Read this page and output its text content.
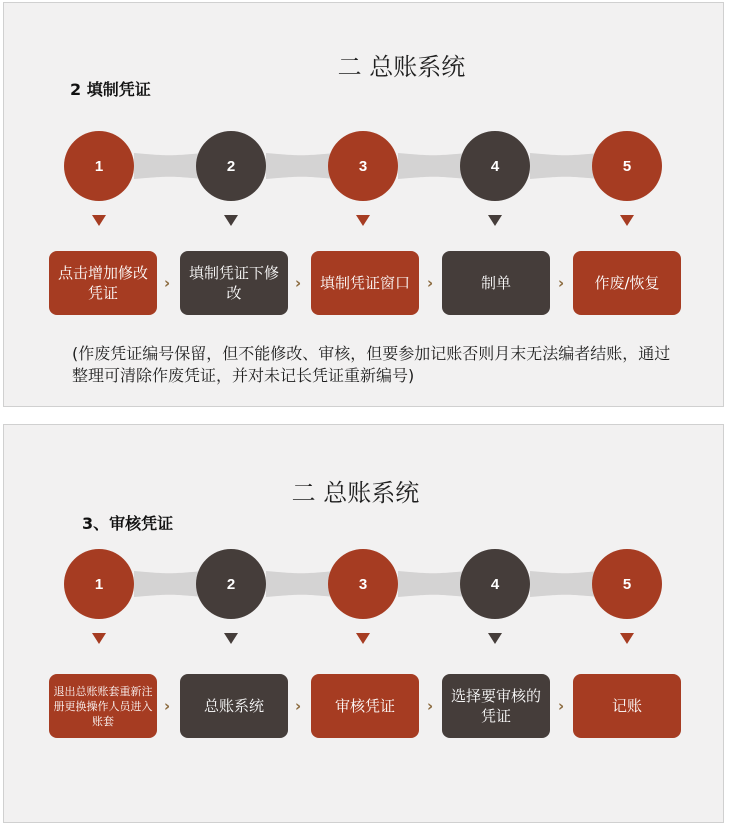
二 总账系统
2 填制凭证
1	2	3	4	5
点击增加修改凭证
›
填制凭证下修改
›	填制凭证窗口	›	制单	›	作废/恢复
(作废凭证编号保留，但不能修改、审核，但要参加记账否则月末无法编者结账，通过整理可清除作废凭证，并对未记长凭证重新编号)
二 总账系统
3、审核凭证
1	2	3	4	5
退出总账账套重新注册更换操作人员进入账套
›	总账系统	›	审核凭证	›
选择要审核的凭证
›	记账
